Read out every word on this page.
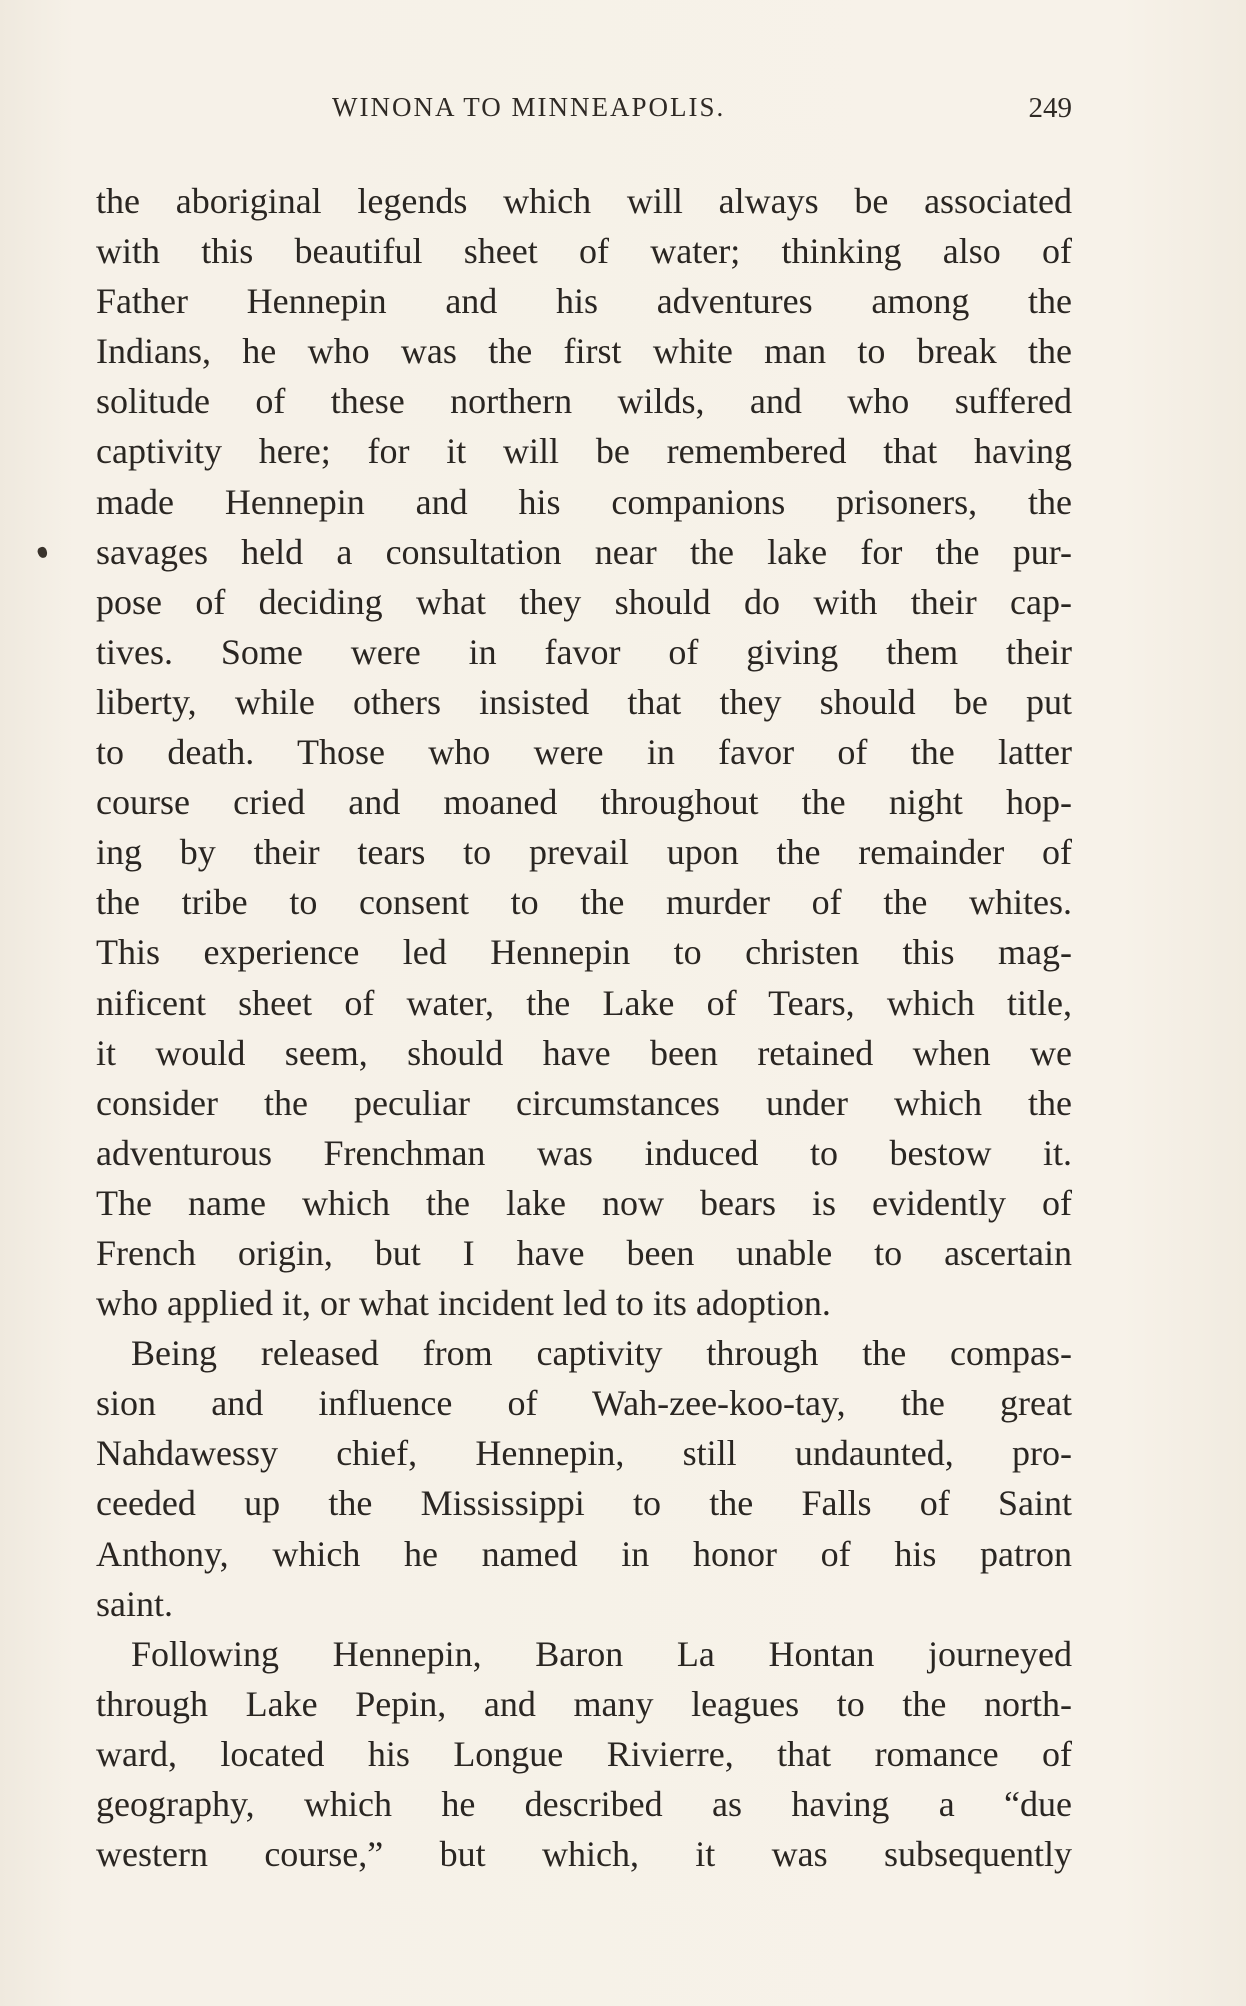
WINONA TO MINNEAPOLIS.	249
the aboriginal legends which will always be associated
with this beautiful sheet of water; thinking also of
Father Hennepin and his adventures among the
Indians, he who was the first white man to break the
solitude of these northern wilds, and who suffered
captivity here; for it will be remembered that having
made Hennepin and his companions prisoners, the
savages held a consultation near the lake for the pur-
pose of deciding what they should do with their cap-
tives. Some were in favor of giving them their
liberty, while others insisted that they should be put
to death. Those who were in favor of the latter
course cried and moaned throughout the night hop-
ing by their tears to prevail upon the remainder of
the tribe to consent to the murder of the whites.
This experience led Hennepin to christen this mag-
nificent sheet of water, the Lake of Tears, which title,
it would seem, should have been retained when we
consider the peculiar circumstances under which the
adventurous Frenchman was induced to bestow it.
The name which the lake now bears is evidently of
French origin, but I have been unable to ascertain
who applied it, or what incident led to its adoption.
Being released from captivity through the compas-
sion and influence of Wah-zee-koo-tay, the great
Nahdawessy chief, Hennepin, still undaunted, pro-
ceeded up the Mississippi to the Falls of Saint
Anthony, which he named in honor of his patron
saint.
Following Hennepin, Baron La Hontan journeyed
through Lake Pepin, and many leagues to the north-
ward, located his Longue Rivierre, that romance of
geography, which he described as having a “due
western course,” but which, it was subsequently
